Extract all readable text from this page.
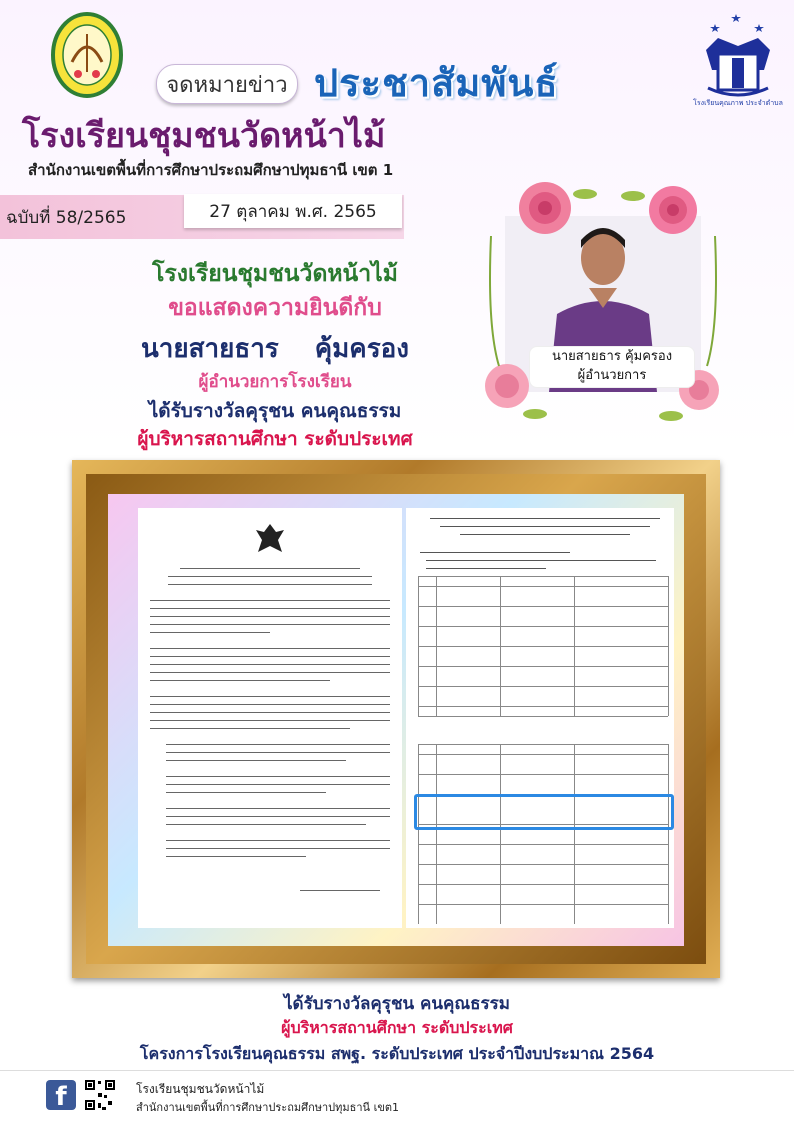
โรงเรียนคุณภาพ ประจำตำบล
จดหมายข่าว ประชาสัมพันธ์
โรงเรียนชุมชนวัดหน้าไม้
สำนักงานเขตพื้นที่การศึกษาประถมศึกษาปทุมธานี เขต 1
ฉบับที่ 58/2565	27 ตุลาคม พ.ศ. 2565
โรงเรียนชุมชนวัดหน้าไม้
ขอแสดงความยินดีกับ
นายสายธาร คุ้มครอง
ผู้อำนวยการโรงเรียน
ได้รับรางวัลคุรุชน คนคุณธรรม
ผู้บริหารสถานศึกษา ระดับประเทศ
นายสายธาร คุ้มครอง
ผู้อำนวยการ
ได้รับรางวัลคุรุชน คนคุณธรรม
ผู้บริหารสถานศึกษา ระดับประเทศ
โครงการโรงเรียนคุณธรรม สพฐ. ระดับประเทศ ประจำปีงบประมาณ 2564
f	โรงเรียนชุมชนวัดหน้าไม้
สำนักงานเขตพื้นที่การศึกษาประถมศึกษาปทุมธานี เขต1
